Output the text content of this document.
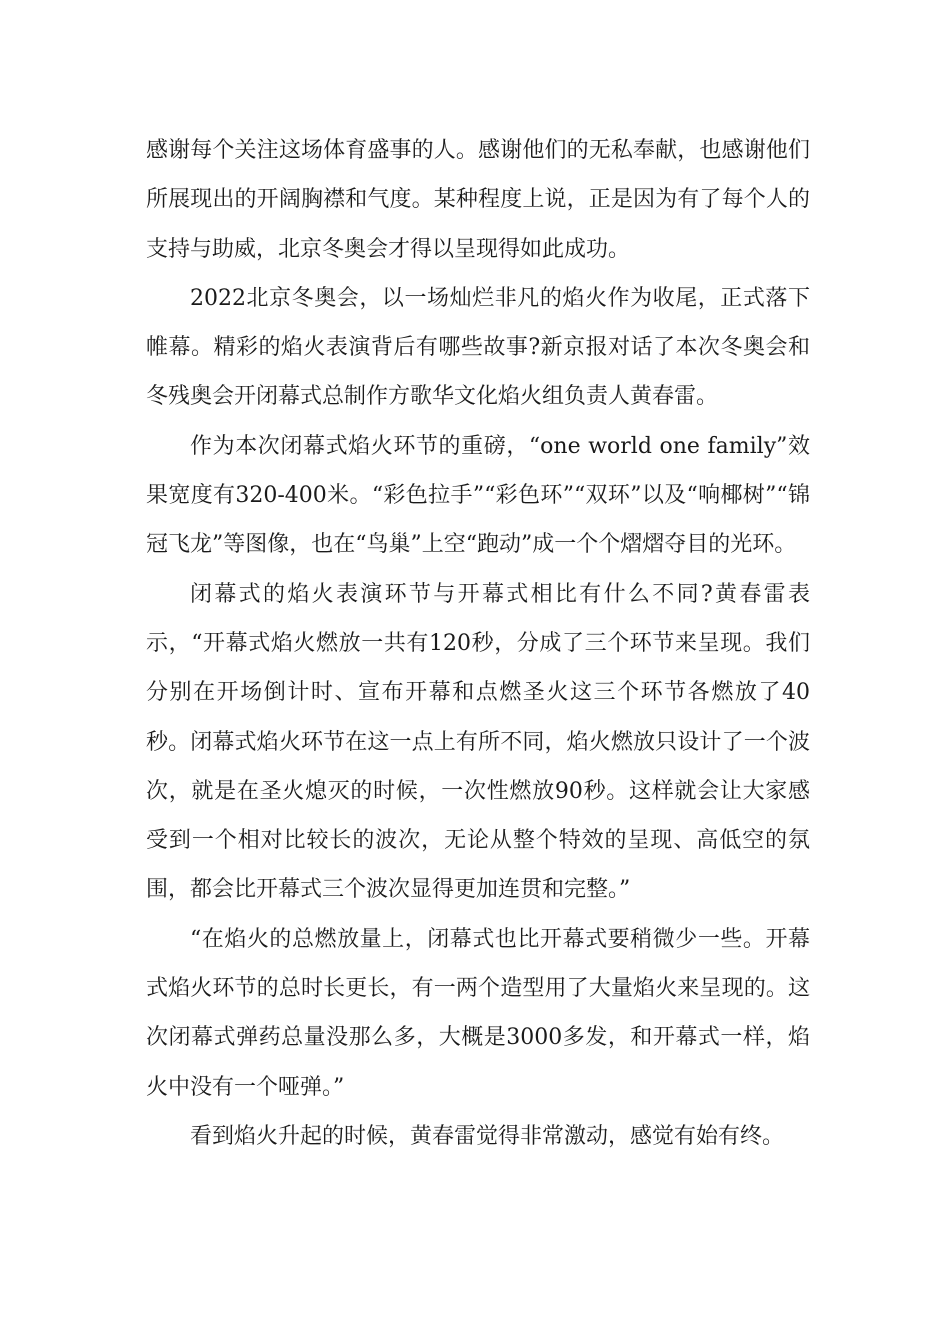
感谢每个关注这场体育盛事的人。感谢他们的无私奉献，也感谢他们所展现出的开阔胸襟和气度。某种程度上说，正是因为有了每个人的支持与助威，北京冬奥会才得以呈现得如此成功。

2022北京冬奥会，以一场灿烂非凡的焰火作为收尾，正式落下帷幕。精彩的焰火表演背后有哪些故事?新京报对话了本次冬奥会和冬残奥会开闭幕式总制作方歌华文化焰火组负责人黄春雷。

作为本次闭幕式焰火环节的重磅，“one world one family”效果宽度有320-400米。“彩色拉手”“彩色环”“双环”以及“响椰树”“锦冠飞龙”等图像，也在“鸟巢”上空“跑动”成一个个熠熠夺目的光环。

闭幕式的焰火表演环节与开幕式相比有什么不同?黄春雷表示，“开幕式焰火燃放一共有120秒，分成了三个环节来呈现。我们分别在开场倒计时、宣布开幕和点燃圣火这三个环节各燃放了40秒。闭幕式焰火环节在这一点上有所不同，焰火燃放只设计了一个波次，就是在圣火熄灭的时候，一次性燃放90秒。这样就会让大家感受到一个相对比较长的波次，无论从整个特效的呈现、高低空的氛围，都会比开幕式三个波次显得更加连贯和完整。”

“在焰火的总燃放量上，闭幕式也比开幕式要稍微少一些。开幕式焰火环节的总时长更长，有一两个造型用了大量焰火来呈现的。这次闭幕式弹药总量没那么多，大概是3000多发，和开幕式一样，焰火中没有一个哑弹。”

看到焰火升起的时候，黄春雷觉得非常激动，感觉有始有终。
